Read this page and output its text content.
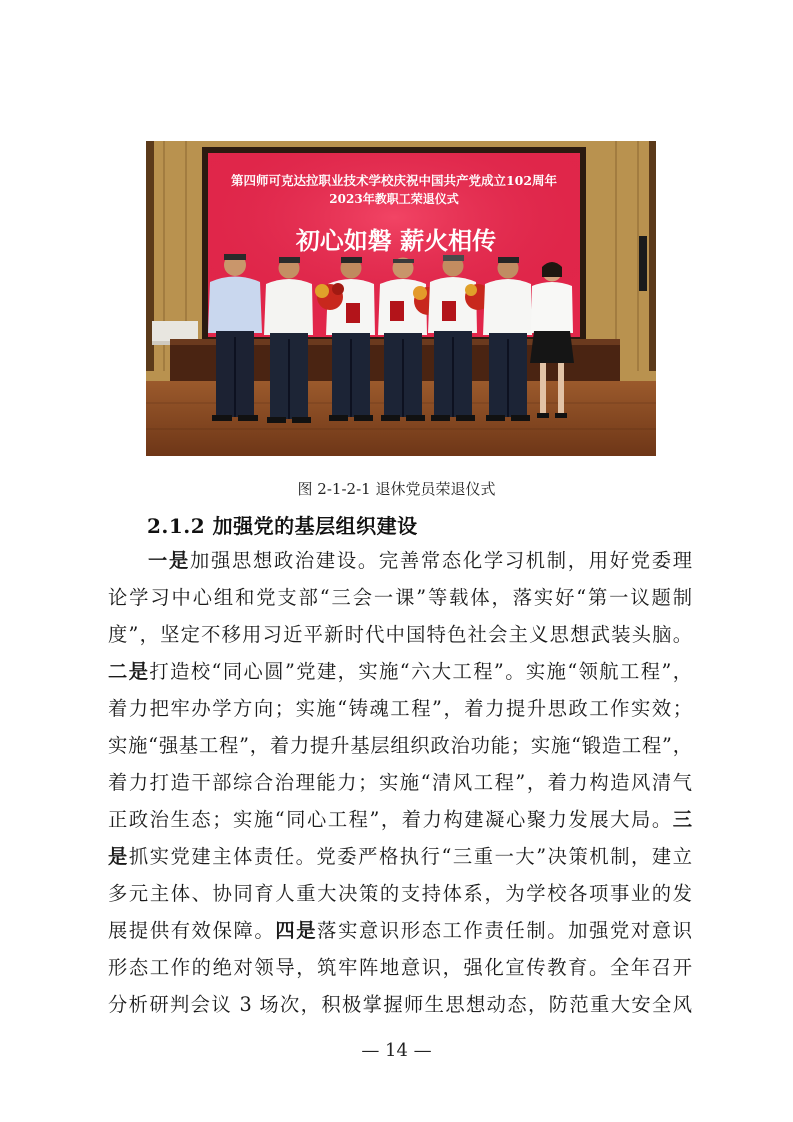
第四师可克达拉职业技术学校庆祝中国共产党成立102周年
2023年教职工荣退仪式
初心如磐 薪火相传
图 2-1-2-1 退休党员荣退仪式
2.1.2 加强党的基层组织建设
一是加强思想政治建设。完善常态化学习机制，用好党委理
论学习中心组和党支部“三会一课”等载体，落实好“第一议题制
度”，坚定不移用习近平新时代中国特色社会主义思想武装头脑。
二是打造校“同心圆”党建，实施“六大工程”。实施“领航工程”，
着力把牢办学方向；实施“铸魂工程”，着力提升思政工作实效；
实施“强基工程”，着力提升基层组织政治功能；实施“锻造工程”，
着力打造干部综合治理能力；实施“清风工程”，着力构造风清气
正政治生态；实施“同心工程”，着力构建凝心聚力发展大局。三
是抓实党建主体责任。党委严格执行“三重一大”决策机制，建立
多元主体、协同育人重大决策的支持体系，为学校各项事业的发
展提供有效保障。四是落实意识形态工作责任制。加强党对意识
形态工作的绝对领导，筑牢阵地意识，强化宣传教育。全年召开
分析研判会议 3 场次，积极掌握师生思想动态，防范重大安全风
— 14 —
